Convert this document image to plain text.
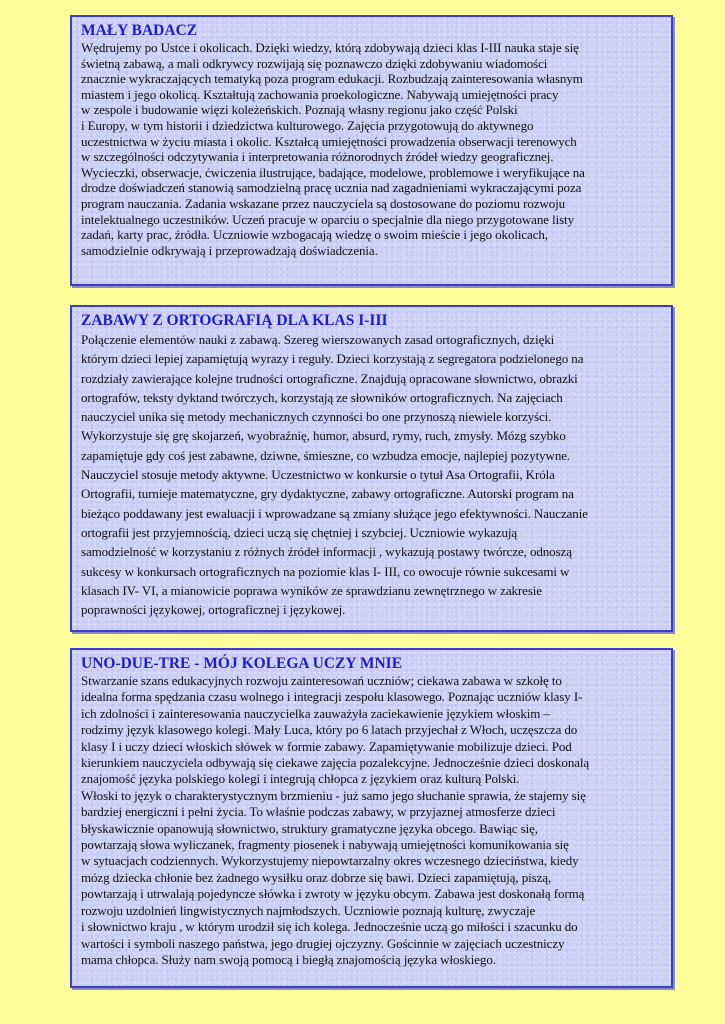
MAŁY BADACZ
Wędrujemy po Ustce i okolicach. Dzięki wiedzy, którą zdobywają dzieci klas I-III nauka staje się
świetną zabawą, a mali odkrywcy rozwijają się poznawczo dzięki zdobywaniu wiadomości
znacznie wykraczających tematyką poza program edukacji. Rozbudzają zainteresowania własnym
miastem i jego okolicą. Kształtują zachowania proekologiczne. Nabywają umiejętności pracy
w zespole i budowanie więzi koleżeńskich. Poznają własny regionu jako część Polski
i Europy, w tym historii i dziedzictwa kulturowego. Zajęcia przygotowują do aktywnego
uczestnictwa w życiu miasta i okolic. Kształcą umiejętności prowadzenia obserwacji terenowych
w szczególności odczytywania i interpretowania różnorodnych źródeł wiedzy geograficznej.
Wycieczki, obserwacje, ćwiczenia ilustrujące, badające, modelowe, problemowe i weryfikujące na
drodze doświadczeń stanowią samodzielną pracę ucznia nad zagadnieniami wykraczającymi poza
program nauczania. Zadania wskazane przez nauczyciela są dostosowane do poziomu rozwoju
intelektualnego uczestników. Uczeń pracuje w oparciu o specjalnie dla niego przygotowane listy
zadań, karty prac, źródła. Uczniowie wzbogacają wiedzę o swoim mieście i jego okolicach,
samodzielnie odkrywają i przeprowadzają doświadczenia.
ZABAWY Z ORTOGRAFIĄ DLA KLAS I-III
Połączenie elementów nauki z zabawą. Szereg wierszowanych zasad ortograficznych, dzięki
którym dzieci lepiej zapamiętują wyrazy i reguły. Dzieci korzystają z segregatora podzielonego na
rozdziały zawierające kolejne trudności ortograficzne. Znajdują opracowane słownictwo, obrazki
ortografów, teksty dyktand twórczych, korzystają ze słowników ortograficznych. Na zajęciach
nauczyciel unika się metody mechanicznych czynności bo one przynoszą niewiele korzyści.
Wykorzystuje się grę skojarzeń, wyobraźnię, humor, absurd, rymy, ruch, zmysły. Mózg szybko
zapamiętuje gdy coś jest zabawne, dziwne, śmieszne, co wzbudza emocje, najlepiej pozytywne.
Nauczyciel stosuje metody aktywne. Uczestnictwo w konkursie o tytuł Asa Ortografii, Króla
Ortografii, turnieje matematyczne, gry dydaktyczne, zabawy ortograficzne. Autorski program na
bieżąco poddawany jest ewaluacji i wprowadzane są zmiany służące jego efektywności. Nauczanie
ortografii jest przyjemnością, dzieci uczą się chętniej i szybciej. Uczniowie wykazują
samodzielność w korzystaniu z różnych źródeł informacji , wykazują postawy twórcze, odnoszą
sukcesy w konkursach ortograficznych na poziomie klas I- III, co owocuje równie sukcesami w
klasach IV- VI, a mianowicie poprawa wyników ze sprawdzianu zewnętrznego w zakresie
poprawności językowej, ortograficznej i językowej.
UNO-DUE-TRE - MÓJ KOLEGA UCZY MNIE
Stwarzanie szans edukacyjnych rozwoju zainteresowań uczniów; ciekawa zabawa w szkołę to
idealna forma spędzania czasu wolnego i integracji zespołu klasowego. Poznając uczniów klasy I-
ich zdolności i zainteresowania nauczycielka zauważyła zaciekawienie językiem włoskim –
rodzimy język klasowego kolegi. Mały Luca, który po 6 latach przyjechał z Włoch, uczęszcza do
klasy I i uczy dzieci włoskich słówek w formie zabawy. Zapamiętywanie mobilizuje dzieci. Pod
kierunkiem nauczyciela odbywają się ciekawe zajęcia pozalekcyjne. Jednocześnie dzieci doskonalą
znajomość języka polskiego kolegi i integrują chłopca z językiem oraz kulturą Polski.
Włoski to język o charakterystycznym brzmieniu - już samo jego słuchanie sprawia, że stajemy się
bardziej energiczni i pełni życia. To właśnie podczas zabawy, w przyjaznej atmosferze dzieci
błyskawicznie opanowują słownictwo, struktury gramatyczne języka obcego. Bawiąc się,
powtarzają słowa wyliczanek, fragmenty piosenek i nabywają umiejętności komunikowania się
w sytuacjach codziennych. Wykorzystujemy niepowtarzalny okres wczesnego dzieciństwa, kiedy
mózg dziecka chłonie bez żadnego wysiłku oraz dobrze się bawi. Dzieci zapamiętują, piszą,
powtarzają i utrwalają pojedyncze słówka i zwroty w języku obcym. Zabawa jest doskonałą formą
rozwoju uzdolnień lingwistycznych najmłodszych. Uczniowie poznają kulturę, zwyczaje
i słownictwo kraju , w którym urodził się ich kolega. Jednocześnie uczą go miłości i szacunku do
wartości i symboli naszego państwa, jego drugiej ojczyzny. Gościnnie w zajęciach uczestniczy
mama chłopca. Służy nam swoją pomocą i biegłą znajomością języka włoskiego.
